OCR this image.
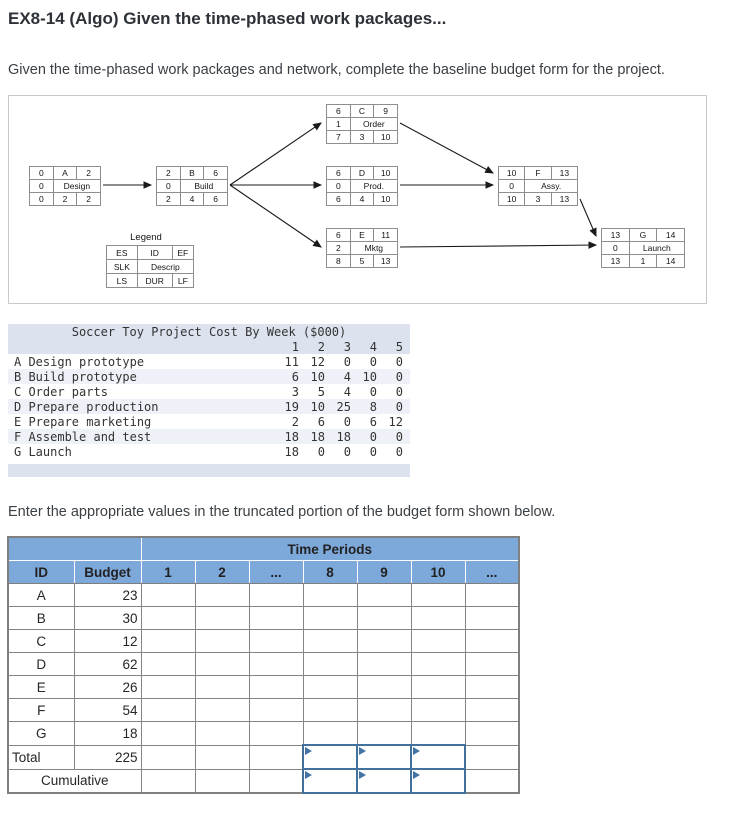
EX8-14 (Algo) Given the time-phased work packages...

Given the time-phased work packages and network, complete the baseline budget form for the project.

0	A	2
0	Design	
0	2	2
2	B	6
0	Build	
2	4	6
6	C	9
1	Order	
7	3	10
6	D	10
0	Prod.	
6	4	10
6	E	11
2	Mktg	
8	5	13
10	F	13
0	Assy.	
10	3	13
13	G	14
0	Launch	
13	1	14
Legend
ES	ID	EF
SLK	Descrip	
LS	DUR	LF
Soccer Toy Project Cost By Week ($000)					
	1	2	3	4	5
A Design prototype	11	12	0	0	0
B Build prototype	6	10	4	10	0
C Order parts	3	5	4	0	0
D Prepare production	19	10	25	8	0
E Prepare marketing	2	6	0	6	12
F Assemble and test	18	18	18	0	0
G Launch	18	0	0	0	0

Enter the appropriate values in the truncated portion of the budget form shown below.

		Time Periods						
ID	Budget	1	2	...	8	9	10	...
A	23							
B	30							
C	12							
D	62							
E	26							
F	54							
G	18							
Total	225				

Cumulative				
